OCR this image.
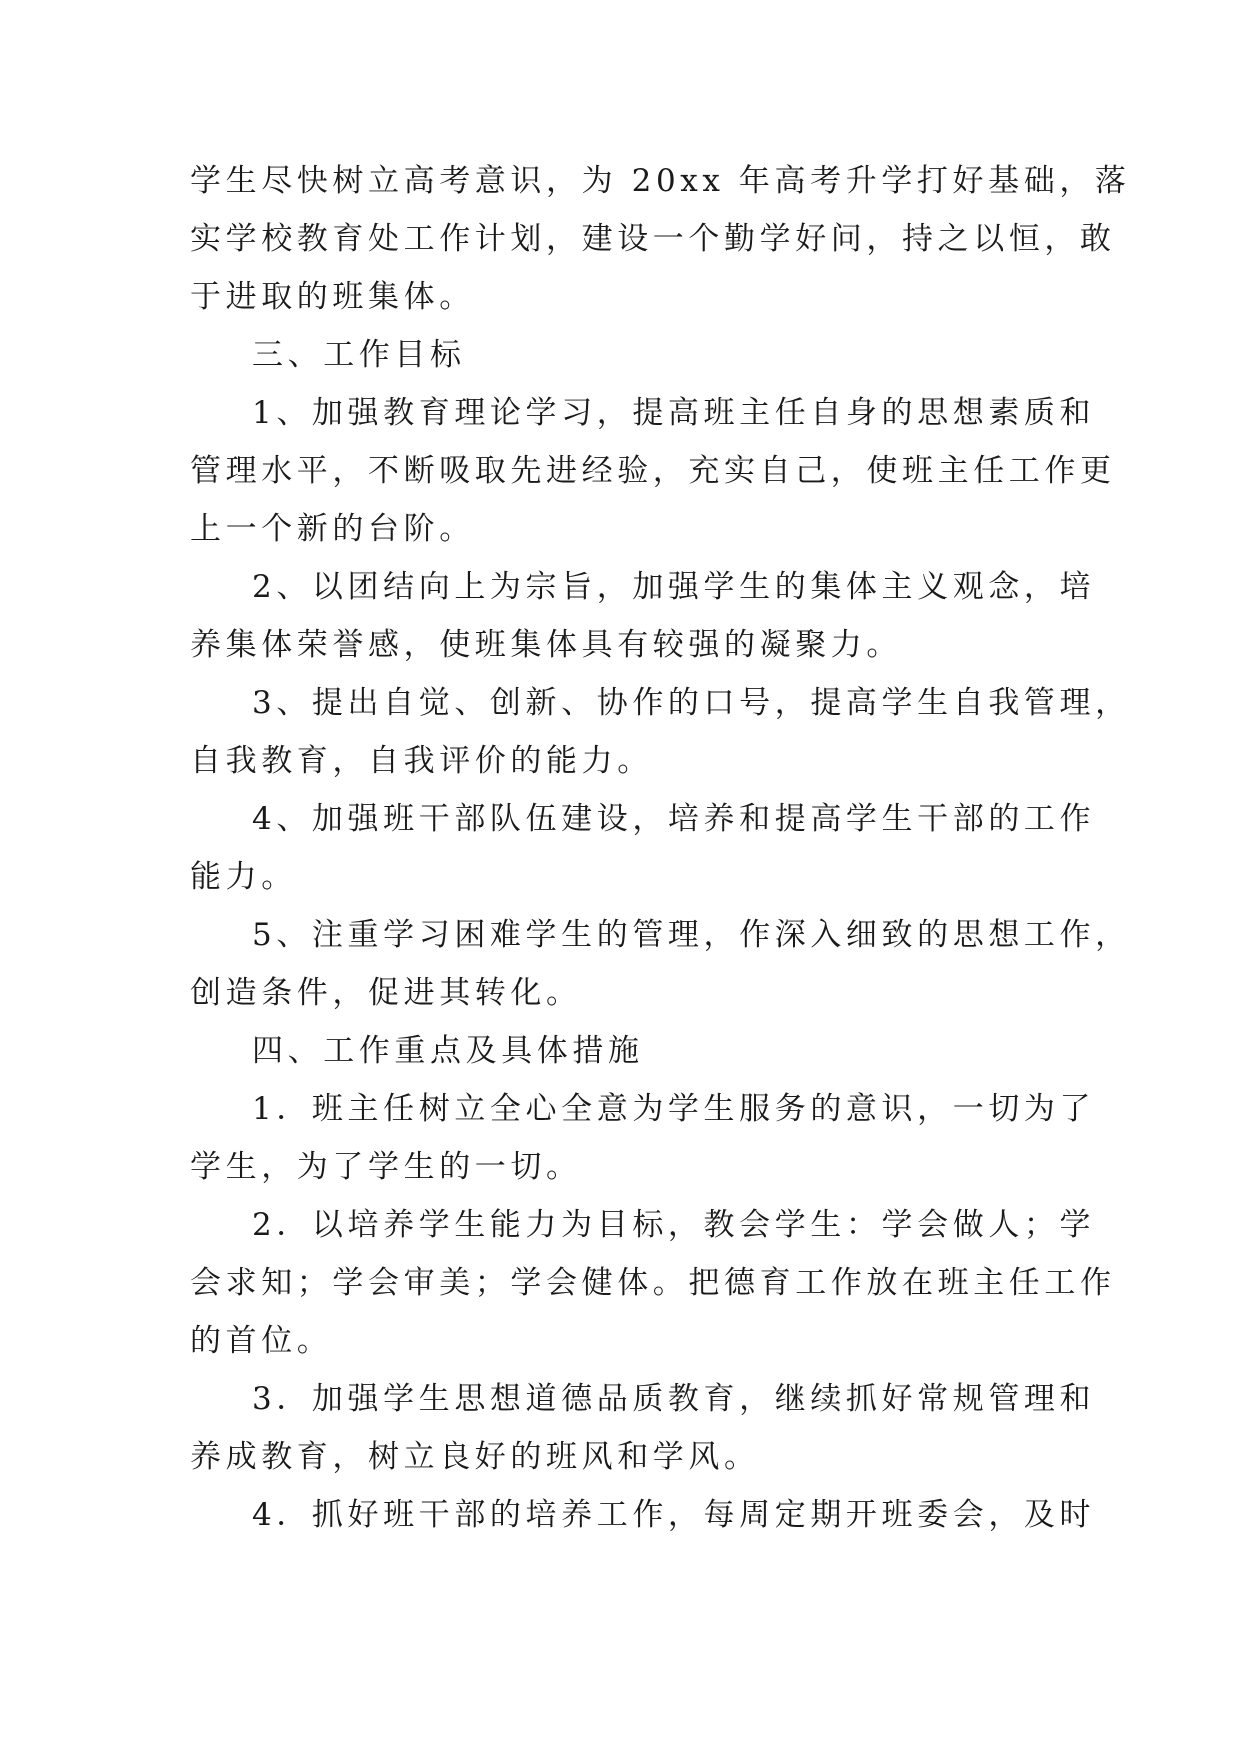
学生尽快树立高考意识，为 20xx 年高考升学打好基础，落
实学校教育处工作计划，建设一个勤学好问，持之以恒，敢
于进取的班集体。
三、工作目标
1、加强教育理论学习，提高班主任自身的思想素质和
管理水平，不断吸取先进经验，充实自己，使班主任工作更
上一个新的台阶。
2、以团结向上为宗旨，加强学生的集体主义观念，培
养集体荣誉感，使班集体具有较强的凝聚力。
3、提出自觉、创新、协作的口号，提高学生自我管理，
自我教育，自我评价的能力。
4、加强班干部队伍建设，培养和提高学生干部的工作
能力。
5、注重学习困难学生的管理，作深入细致的思想工作，
创造条件，促进其转化。
四、工作重点及具体措施
1．班主任树立全心全意为学生服务的意识，一切为了
学生，为了学生的一切。
2．以培养学生能力为目标，教会学生：学会做人；学
会求知；学会审美；学会健体。把德育工作放在班主任工作
的首位。
3．加强学生思想道德品质教育，继续抓好常规管理和
养成教育，树立良好的班风和学风。
4．抓好班干部的培养工作，每周定期开班委会，及时
